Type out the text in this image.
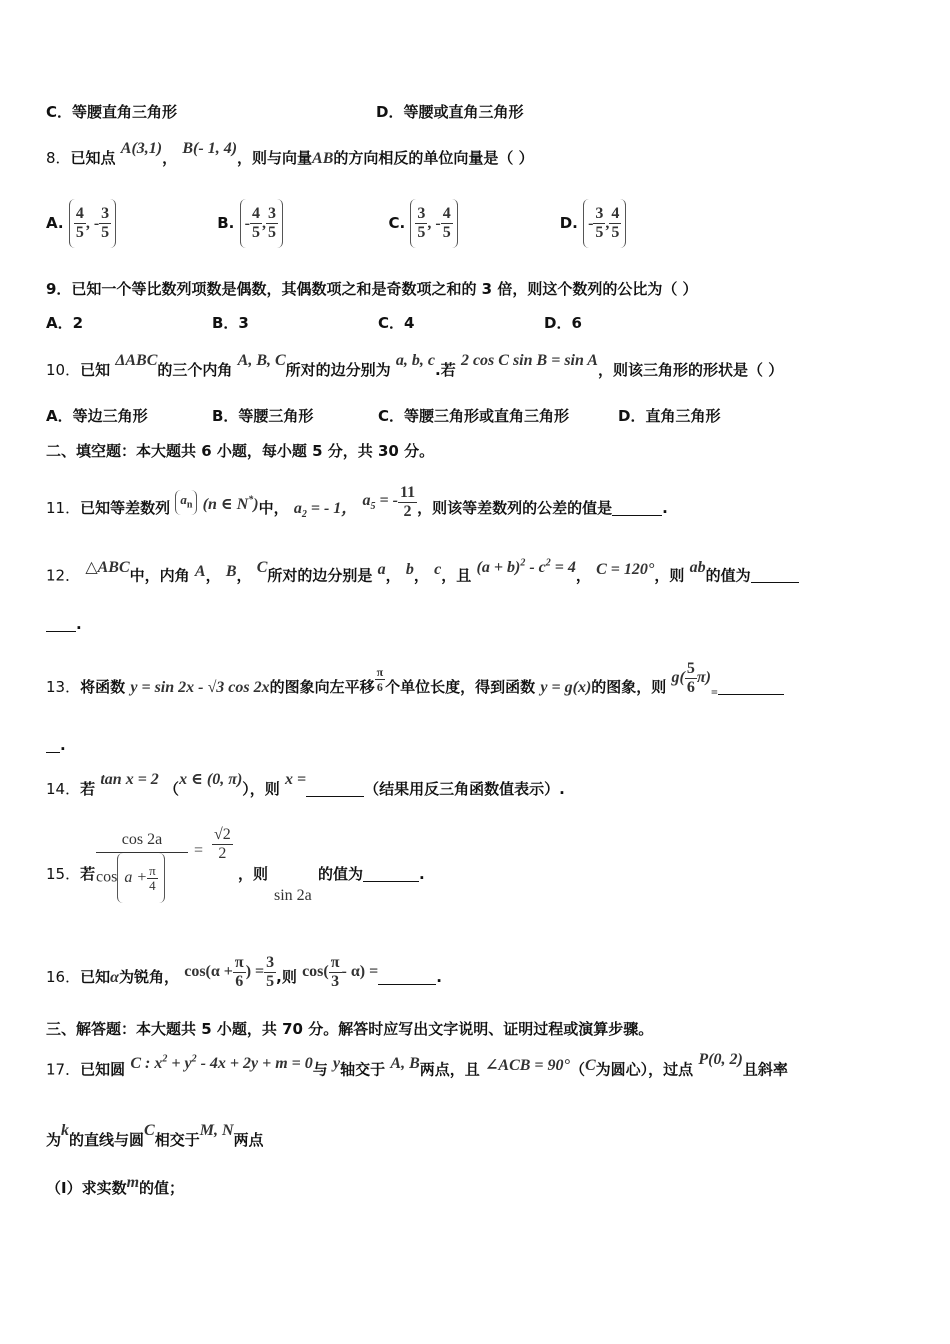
C．等腰直角三角形	D．等腰或直角三角形
8．已知点 A(3,1)， B(- 1, 4)，则与向量AB的方向相反的单位向量是（ ）
A. $\frac{4}{5}$ , - $\frac{3}{5}$	B. - $\frac{4}{5}$ , $\frac{3}{5}$	C. $\frac{3}{5}$ , - $\frac{4}{5}$	D. - $\frac{3}{5}$ , $\frac{4}{5}$
9．已知一个等比数列项数是偶数，其偶数项之和是奇数项之和的 3 倍，则这个数列的公比为（ ）
A．2	B．3	C．4	D．6
10．已知 ΔABC的三个内角 A, B, C所对的边分别为 a, b, c.若 2 cos C sin B = sin A，则该三角形的形状是（ ）
A．等边三角形	B．等腰三角形	C．等腰三角形或直角三角形	D．直角三角形
二、填空题：本大题共 6 小题，每小题 5 分，共 30 分。
11．已知等差数列 $a_n$ (n ∈ N*)中， $a_2$ = - 1， $a_5$ = - $\frac{11}{2}$ ，则该等差数列的公差的值是	.
12． △ABC中，内角 A， B， C所对的边分别是 a， b， c，且 $(a + b)^2 - c^2 = 4$， C = 120°，则 ab的值为
.
13．将函数 y = sin 2x - √3 cos 2x的图象向左平移 $\frac{\pi}{6}$ 个单位长度，得到函数 y = g(x)的图象，则 $g( \frac{5}{6} \pi)_=$
.
14．若 tan x = 2 （x ∈ (0, π)），则 x =（结果用反三角函数值表示）.
15．若
cos 2a
$\cos a + \frac{\pi}{4}$
= $\frac{√2}{2}$
，则	的值为	.
sin 2a
16．已知α为锐角， $\cos(\alpha + \frac{\pi}{6}$ ) = $\frac{3}{5}$ ,则 $\cos( \frac{\pi}{3} - \alpha)$ =	.
三、解答题：本大题共 5 小题，共 70 分。解答时应写出文字说明、证明过程或演算步骤。
17．已知圆 C : $x^2 + y^2 - 4x + 2y + m = 0$与 y轴交于 A, B两点，且 ∠ACB = 90°（C为圆心），过点 P(0, 2)且斜率
为k的直线与圆C相交于M, N两点
（Ⅰ）求实数m的值；
